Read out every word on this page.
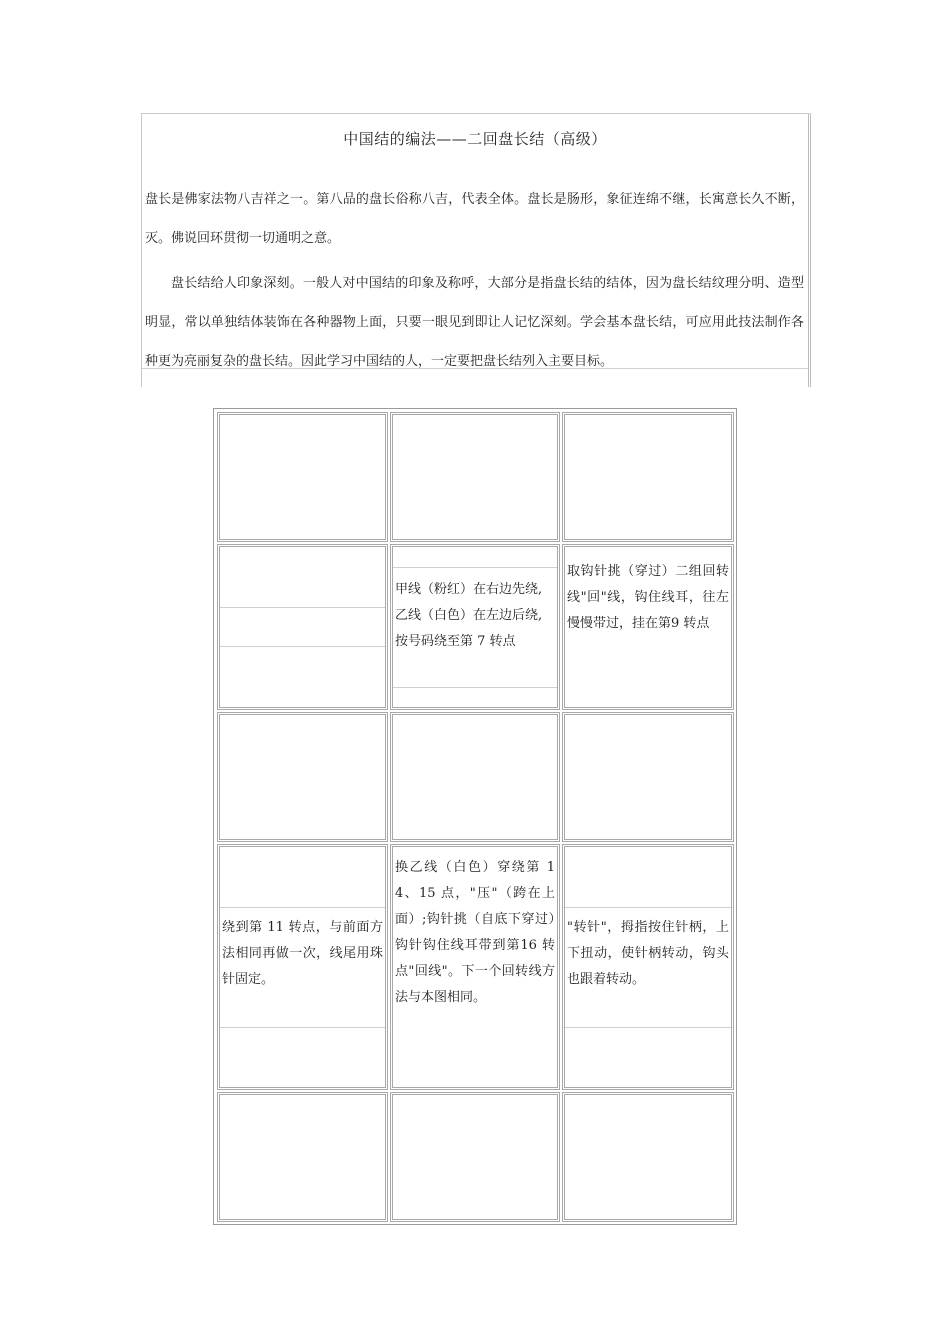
中国结的编法——二回盘长结（高级）
盘长是佛家法物八吉祥之一。第八品的盘长俗称八吉，代表全体。盘长是肠形，象征连绵不继，长寓意长久不断，灭。佛说回环贯彻一切通明之意。
盘长结给人印象深刻。一般人对中国结的印象及称呼，大部分是指盘长结的结体，因为盘长结纹理分明、造型明显，常以单独结体装饰在各种器物上面，只要一眼见到即让人记忆深刻。学会基本盘长结，可应用此技法制作各种更为亮丽复杂的盘长结。因此学习中国结的人，一定要把盘长结列入主要目标。
甲线（粉红）在右边先绕,
乙线（白色）在左边后绕,
按号码绕至第 7 转点
取钩针挑（穿过）二组回转线"回"线，钩住线耳，往左慢慢带过，挂在第9 转点
绕到第 11 转点，与前面方法相同再做一次，线尾用珠针固定。
换乙线（白色）穿绕第 14、15 点，"压"（跨在上面）;钩针挑（自底下穿过）钩针钩住线耳带到第16 转点"回线"。下一个回转线方法与本图相同。
"转针"，拇指按住针柄，上下扭动，使针柄转动，钩头也跟着转动。
